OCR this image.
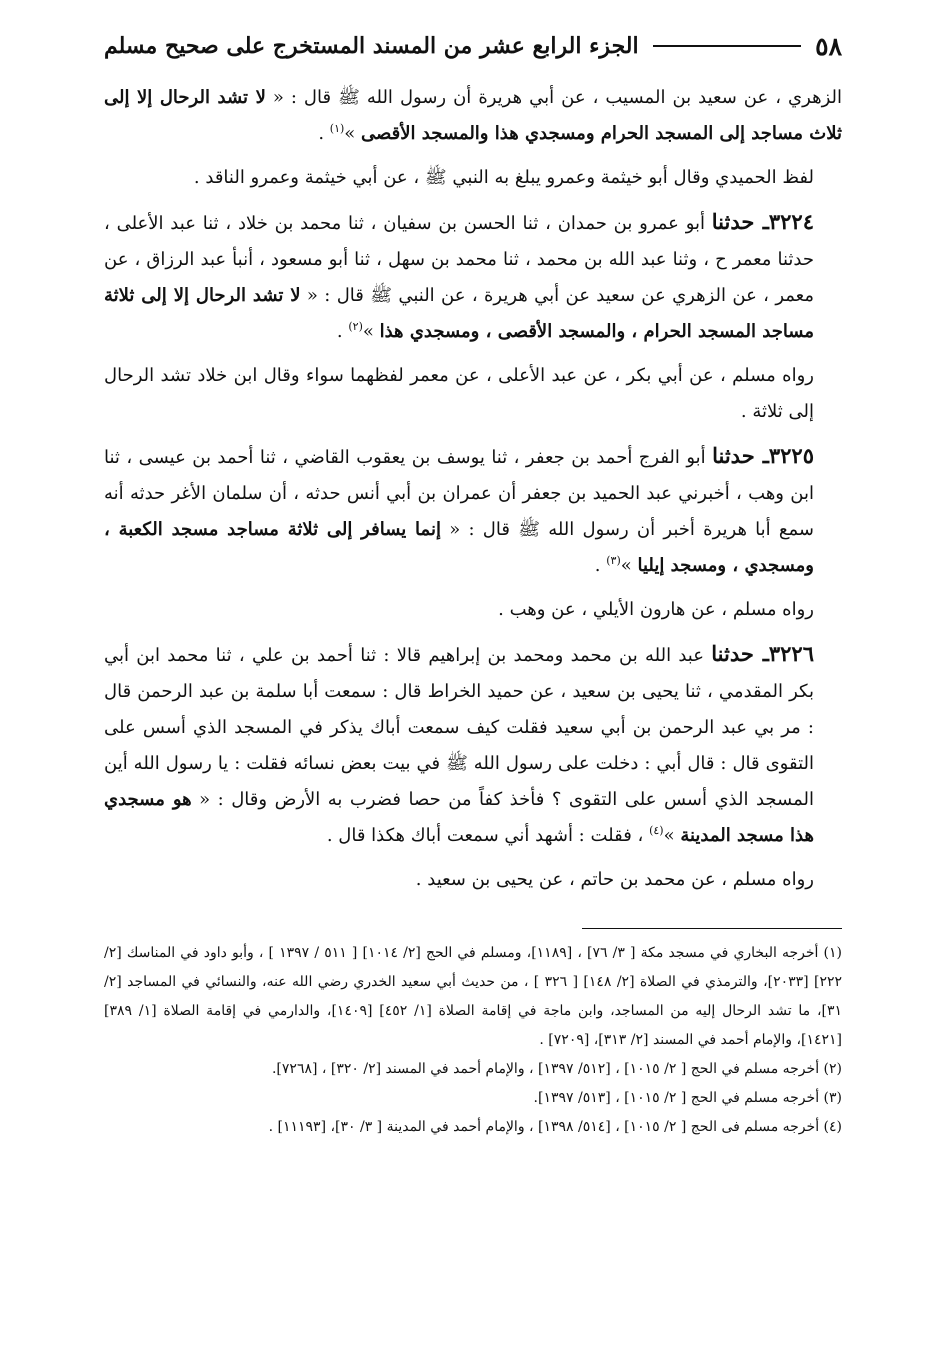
٥٨
الجزء الرابع عشر من المسند المستخرج على صحيح مسلم

الزهري ، عن سعيد بن المسيب ، عن أبي هريرة أن رسول الله ﷺ قال : « لا تشد الرحال إلا إلى ثلاث مساجد إلى المسجد الحرام ومسجدي هذا والمسجد الأقصى »$^{(١)}$ .

لفظ الحميدي وقال أبو خيثمة وعمرو يبلغ به النبي ﷺ ، عن أبي خيثمة وعمرو الناقد .

٣٢٢٤ـ حدثنا أبو عمرو بن حمدان ، ثنا الحسن بن سفيان ، ثنا محمد بن خلاد ، ثنا عبد الأعلى ، حدثنا معمر ح ، وثنا عبد الله بن محمد ، ثنا محمد بن سهل ، ثنا أبو مسعود ، أنبأ عبد الرزاق ، عن معمر ، عن الزهري عن سعيد عن أبي هريرة ، عن النبي ﷺ قال : « لا تشد الرحال إلا إلى ثلاثة مساجد المسجد الحرام ، والمسجد الأقصى ، ومسجدي هذا »$^{(٢)}$ .

رواه مسلم ، عن أبي بكر ، عن عبد الأعلى ، عن معمر لفظهما سواء وقال ابن خلاد تشد الرحال إلى ثلاثة .

٣٢٢٥ـ حدثنا أبو الفرج أحمد بن جعفر ، ثنا يوسف بن يعقوب القاضي ، ثنا أحمد بن عيسى ، ثنا ابن وهب ، أخبرني عبد الحميد بن جعفر أن عمران بن أبي أنس حدثه ، أن سلمان الأغر حدثه أنه سمع أبا هريرة أخبر أن رسول الله ﷺ قال : « إنما يسافر إلى ثلاثة مساجد مسجد الكعبة ، ومسجدي ، ومسجد إيليا »$^{(٣)}$ .

رواه مسلم ، عن هارون الأيلي ، عن وهب .

٣٢٢٦ـ حدثنا عبد الله بن محمد ومحمد بن إبراهيم قالا : ثنا أحمد بن علي ، ثنا محمد ابن أبي بكر المقدمي ، ثنا يحيى بن سعيد ، عن حميد الخراط قال : سمعت أبا سلمة بن عبد الرحمن قال : مر بي عبد الرحمن بن أبي سعيد فقلت كيف سمعت أباك يذكر في المسجد الذي أسس على التقوى قال : قال أبي : دخلت على رسول الله ﷺ في بيت بعض نسائه فقلت : يا رسول الله أين المسجد الذي أسس على التقوى ؟ فأخذ كفاً من حصا فضرب به الأرض وقال : « هو مسجدي هذا مسجد المدينة »$^{(٤)}$ ، فقلت : أشهد أني سمعت أباك هكذا قال .

رواه مسلم ، عن محمد بن حاتم ، عن يحيى بن سعيد .

(١) أخرجه البخاري في مسجد مكة [ ٣/ ٧٦] ، [١١٨٩]، ومسلم في الحج [٢/ ١٠١٤] [ ٥١١ / ١٣٩٧ ] ، وأبو داود في المناسك [٢/ ٢٢٢] [٢٠٣٣]، والترمذي في الصلاة [٢/ ١٤٨] [ ٣٢٦ ] ، من حديث أبي سعيد الخدري رضي الله عنه، والنسائي في المساجد [٢/ ٣١]، ما تشد الرحال إليه من المساجد، وابن ماجة في إقامة الصلاة [١/ ٤٥٢] [١٤٠٩]، والدارمي في إقامة الصلاة [١/ ٣٨٩] [١٤٢١]، والإمام أحمد في المسند [٢/ ٣١٣]، [٧٢٠٩] .

(٢) أخرجه مسلم في الحج [ ٢/ ١٠١٥] ، [٥١٢/ ١٣٩٧] ، والإمام أحمد في المسند [٢/ ٣٢٠] ، [٧٢٦٨].

(٣) أخرجه مسلم في الحج [ ٢/ ١٠١٥] ، [٥١٣/ ١٣٩٧].

(٤) أخرجه مسلم فى الحج [ ٢/ ١٠١٥] ، [٥١٤/ ١٣٩٨] ، والإمام أحمد في المدينة [ ٣/ ٣٠]، [١١١٩٣] .
